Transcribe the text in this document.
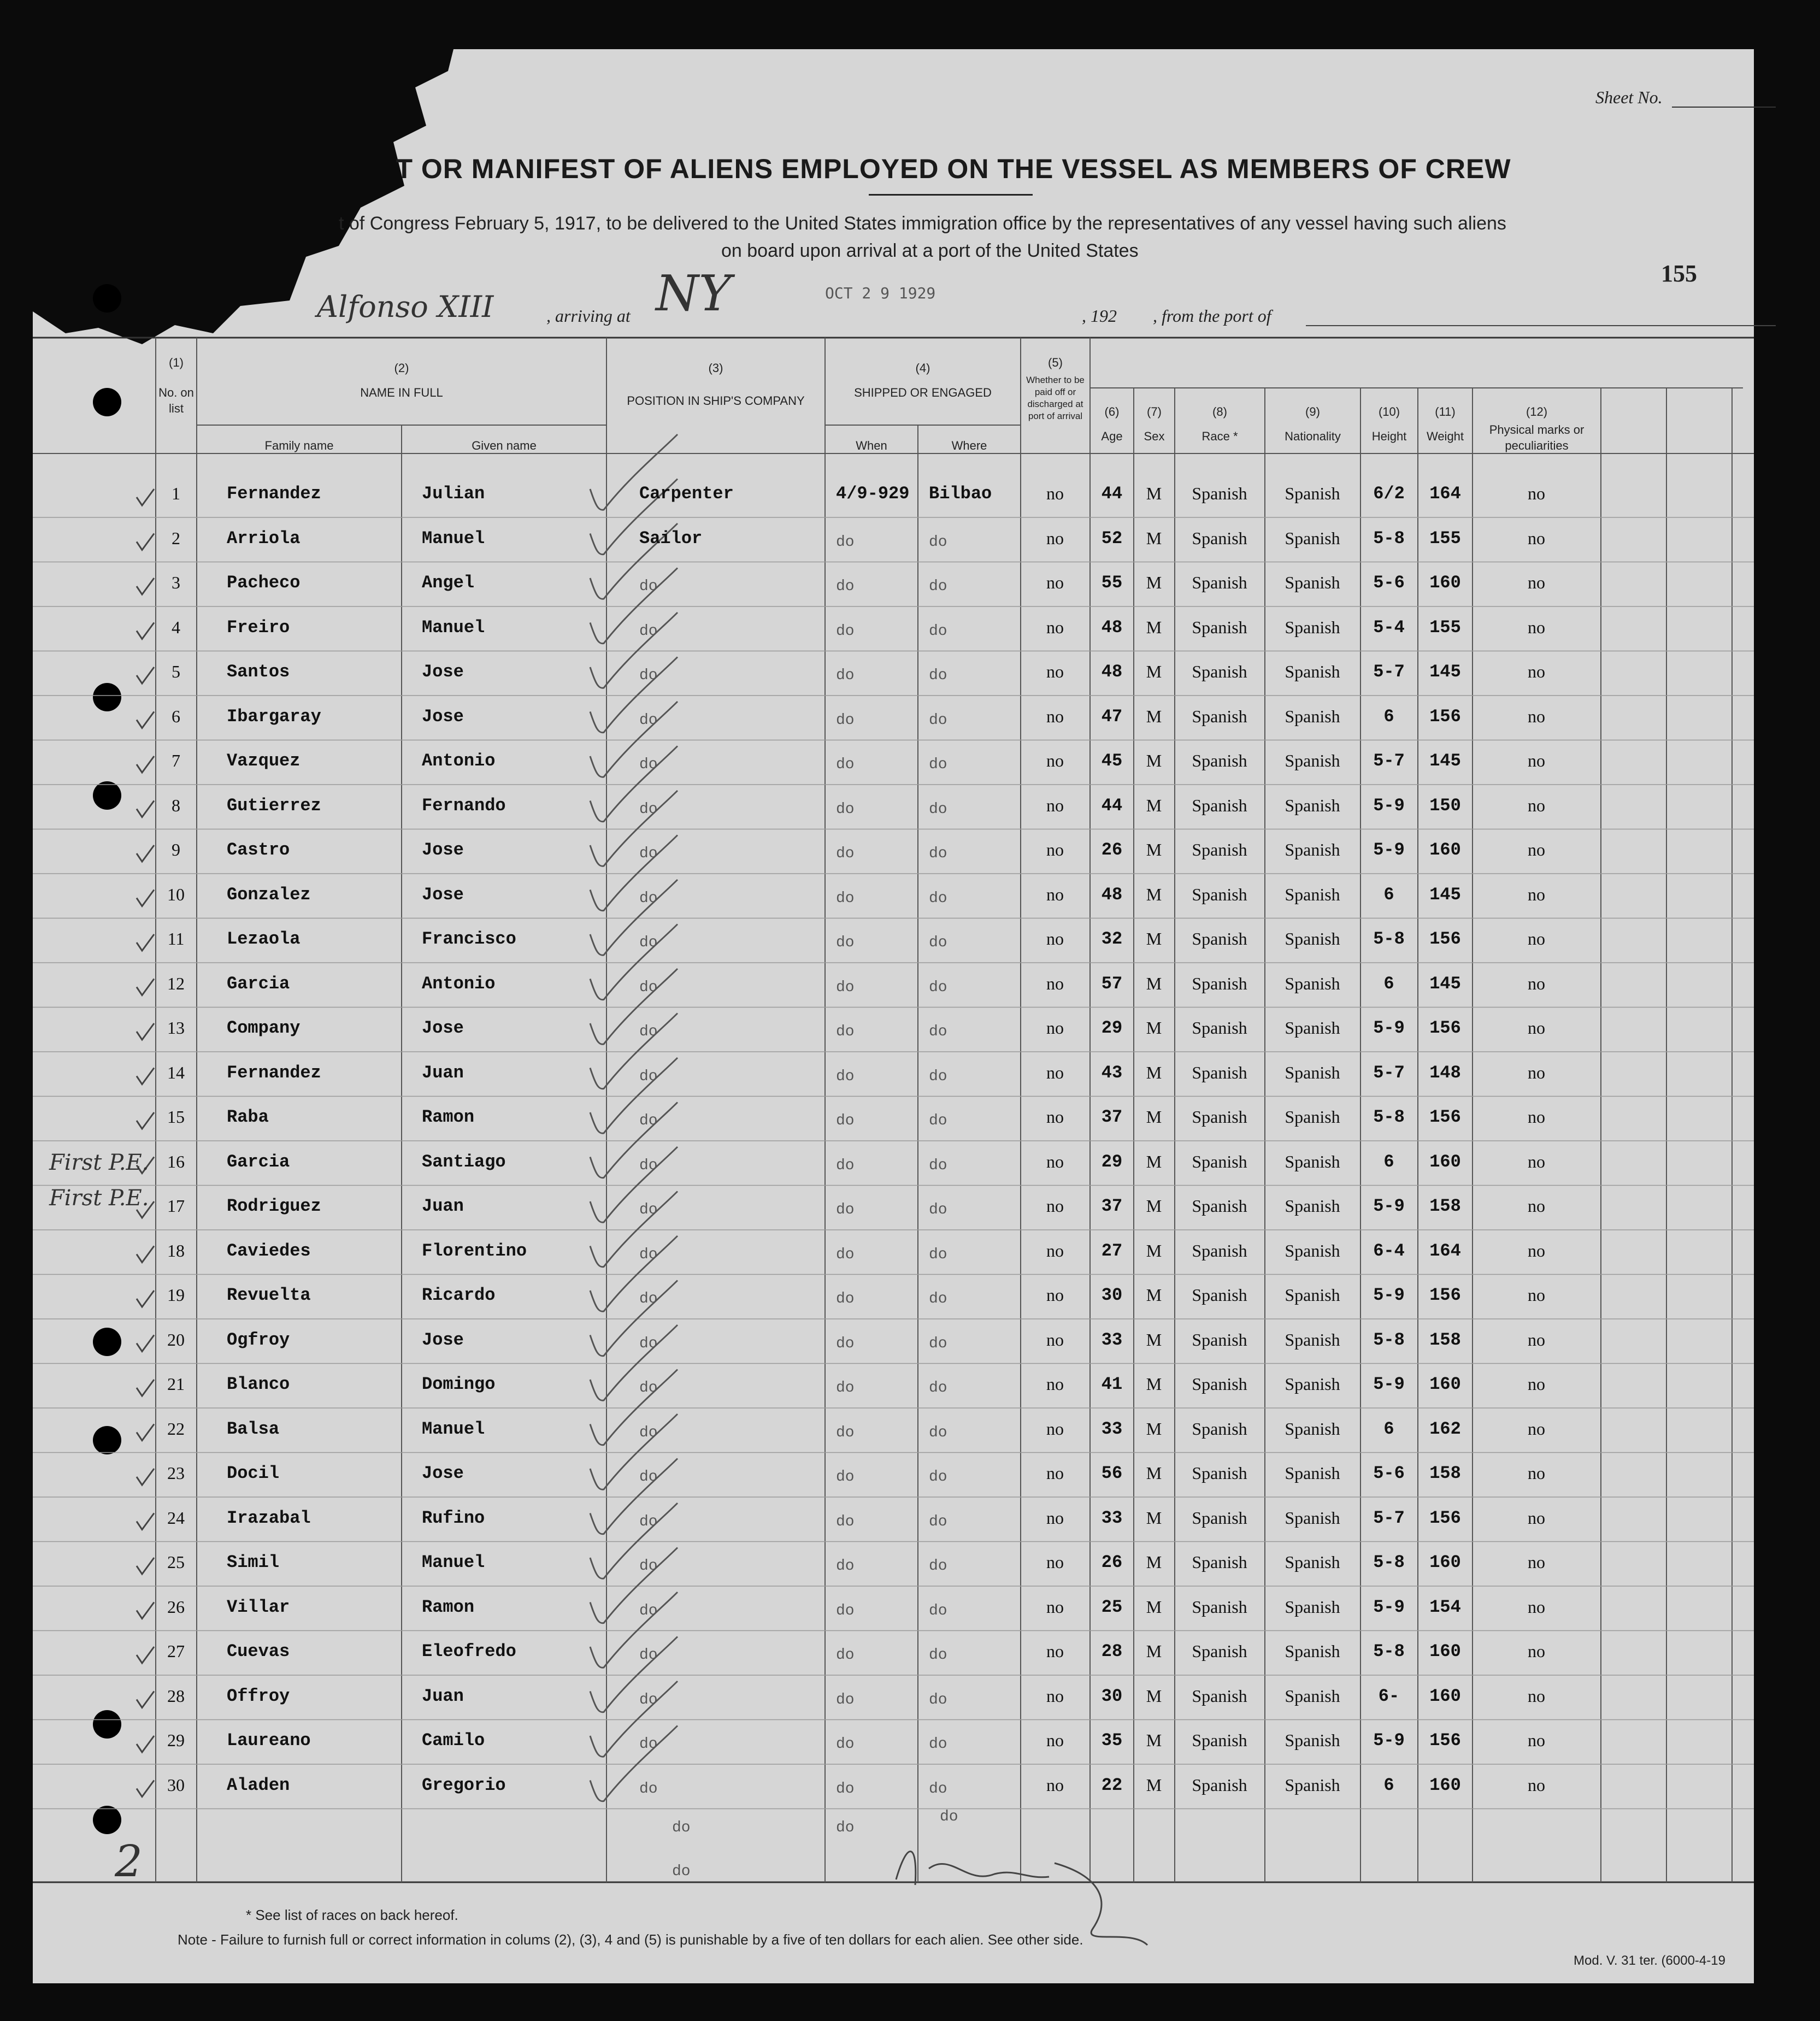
Sheet No.
T OR MANIFEST OF ALIENS EMPLOYED ON THE VESSEL AS MEMBERS OF CREW
t of Congress February 5, 1917, to be delivered to the United States immigration office by the representatives of any vessel having such aliens
on board upon arrival at a port of the United States
155
Alfonso XIII	, arriving at NY	OCT 2 9 1929
, 192 , from the port of
(1)
No. on list
(2)
NAME IN FULL
Family name	Given name
(3)
POSITION IN SHIP'S COMPANY
(4)
SHIPPED OR ENGAGED
When	Where
(5)
Whether to be paid off or discharged at port of arrival	(6)
Age
(7)
Sex
(8)
Race *
(9)
Nationality
(10)
Height
(11)
Weight
(12)
Physical marks or peculiarities
1	Fernandez	Julian	Carpenter	4/9-929 Bilbao	no	44	M	Spanish	Spanish	6/2	164	no
2	Arriola	Manuel	Sailor	do	do	no	52	M	Spanish	Spanish	5-8	155	no
3	Pacheco	Angel	do	do	do	no	55	M	Spanish	Spanish	5-6	160	no
4	Freiro	Manuel	do	do	do	no	48	M	Spanish	Spanish	5-4	155	no
5	Santos	Jose	do	do	do	no	48	M	Spanish	Spanish	5-7	145	no
6	Ibargaray	Jose	do	do	do	no	47	M	Spanish	Spanish	6	156	no
7	Vazquez	Antonio	do	do	do	no	45	M	Spanish	Spanish	5-7	145	no
8	Gutierrez	Fernando	do	do	do	no	44	M	Spanish	Spanish	5-9	150	no
9	Castro	Jose	do	do	do	no	26	M	Spanish	Spanish	5-9	160	no
10	Gonzalez	Jose	do	do	do	no	48	M	Spanish	Spanish	6	145	no
11	Lezaola	Francisco	do	do	do	no	32	M	Spanish	Spanish	5-8	156	no
12	Garcia	Antonio	do	do	do	no	57	M	Spanish	Spanish	6	145	no
13	Company	Jose	do	do	do	no	29	M	Spanish	Spanish	5-9	156	no
14	Fernandez	Juan	do	do	do	no	43	M	Spanish	Spanish	5-7	148	no
15	Raba	Ramon	do	do	do	no	37	M	Spanish	Spanish	5-8	156	no
16	Garcia	Santiago	do	do	do	no	29	M	Spanish	Spanish	6	160	no
17	Rodriguez	Juan	do	do	do	no	37	M	Spanish	Spanish	5-9	158	no
18	Caviedes	Florentino	do	do	do	no	27	M	Spanish	Spanish	6-4	164	no
19	Revuelta	Ricardo	do	do	do	no	30	M	Spanish	Spanish	5-9	156	no
20	Ogfroy	Jose	do	do	do	no	33	M	Spanish	Spanish	5-8	158	no
21	Blanco	Domingo	do	do	do	no	41	M	Spanish	Spanish	5-9	160	no
22	Balsa	Manuel	do	do	do	no	33	M	Spanish	Spanish	6	162	no
23	Docil	Jose	do	do	do	no	56	M	Spanish	Spanish	5-6	158	no
24	Irazabal	Rufino	do	do	do	no	33	M	Spanish	Spanish	5-7	156	no
25	Simil	Manuel	do	do	do	no	26	M	Spanish	Spanish	5-8	160	no
26	Villar	Ramon	do	do	do	no	25	M	Spanish	Spanish	5-9	154	no
27	Cuevas	Eleofredo	do	do	do	no	28	M	Spanish	Spanish	5-8	160	no
28	Offroy	Juan	do	do	do	no	30	M	Spanish	Spanish	6-	160	no
29	Laureano	Camilo	do	do	do	no	35	M	Spanish	Spanish	5-9	156	no
30	Aladen	Gregorio	do	do	do	no	22	M	Spanish	Spanish	6	160	no
do	do
do
do
First P.E.
First P.E.
2
* See list of races on back hereof.
Note - Failure to furnish full or correct information in colums (2), (3), 4 and (5) is punishable by a five of ten dollars for each alien. See other side.
Mod. V. 31 ter. (6000-4-19
